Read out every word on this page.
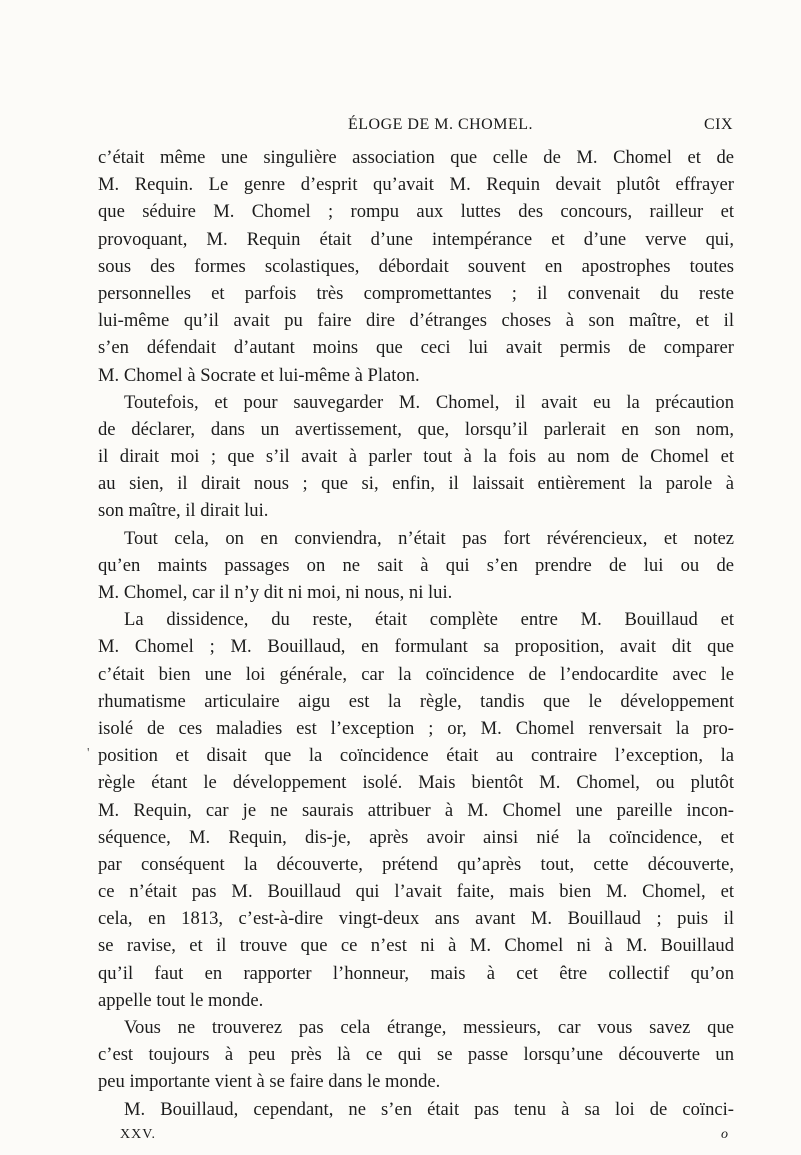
ÉLOGE DE M. CHOMEL.	CIX
'
c’était même une singulière association que celle de M. Chomel et de
M. Requin. Le genre d’esprit qu’avait M. Requin devait plutôt effrayer
que séduire M. Chomel ; rompu aux luttes des concours, railleur et
provoquant, M. Requin était d’une intempérance et d’une verve qui,
sous des formes scolastiques, débordait souvent en apostrophes toutes
personnelles et parfois très compromettantes ; il convenait du reste
lui-même qu’il avait pu faire dire d’étranges choses à son maître, et il
s’en défendait d’autant moins que ceci lui avait permis de comparer
M. Chomel à Socrate et lui-même à Platon.
Toutefois, et pour sauvegarder M. Chomel, il avait eu la précaution
de déclarer, dans un avertissement, que, lorsqu’il parlerait en son nom,
il dirait moi ; que s’il avait à parler tout à la fois au nom de Chomel et
au sien, il dirait nous ; que si, enfin, il laissait entièrement la parole à
son maître, il dirait lui.
Tout cela, on en conviendra, n’était pas fort révérencieux, et notez
qu’en maints passages on ne sait à qui s’en prendre de lui ou de
M. Chomel, car il n’y dit ni moi, ni nous, ni lui.
La dissidence, du reste, était complète entre M. Bouillaud et
M. Chomel ; M. Bouillaud, en formulant sa proposition, avait dit que
c’était bien une loi générale, car la coïncidence de l’endocardite avec le
rhumatisme articulaire aigu est la règle, tandis que le développement
isolé de ces maladies est l’exception ; or, M. Chomel renversait la pro-
position et disait que la coïncidence était au contraire l’exception, la
règle étant le développement isolé. Mais bientôt M. Chomel, ou plutôt
M. Requin, car je ne saurais attribuer à M. Chomel une pareille incon-
séquence, M. Requin, dis-je, après avoir ainsi nié la coïncidence, et
par conséquent la découverte, prétend qu’après tout, cette découverte,
ce n’était pas M. Bouillaud qui l’avait faite, mais bien M. Chomel, et
cela, en 1813, c’est-à-dire vingt-deux ans avant M. Bouillaud ; puis il
se ravise, et il trouve que ce n’est ni à M. Chomel ni à M. Bouillaud
qu’il faut en rapporter l’honneur, mais à cet être collectif qu’on
appelle tout le monde.
Vous ne trouverez pas cela étrange, messieurs, car vous savez que
c’est toujours à peu près là ce qui se passe lorsqu’une découverte un
peu importante vient à se faire dans le monde.
M. Bouillaud, cependant, ne s’en était pas tenu à sa loi de coïnci-
XXV.	o
